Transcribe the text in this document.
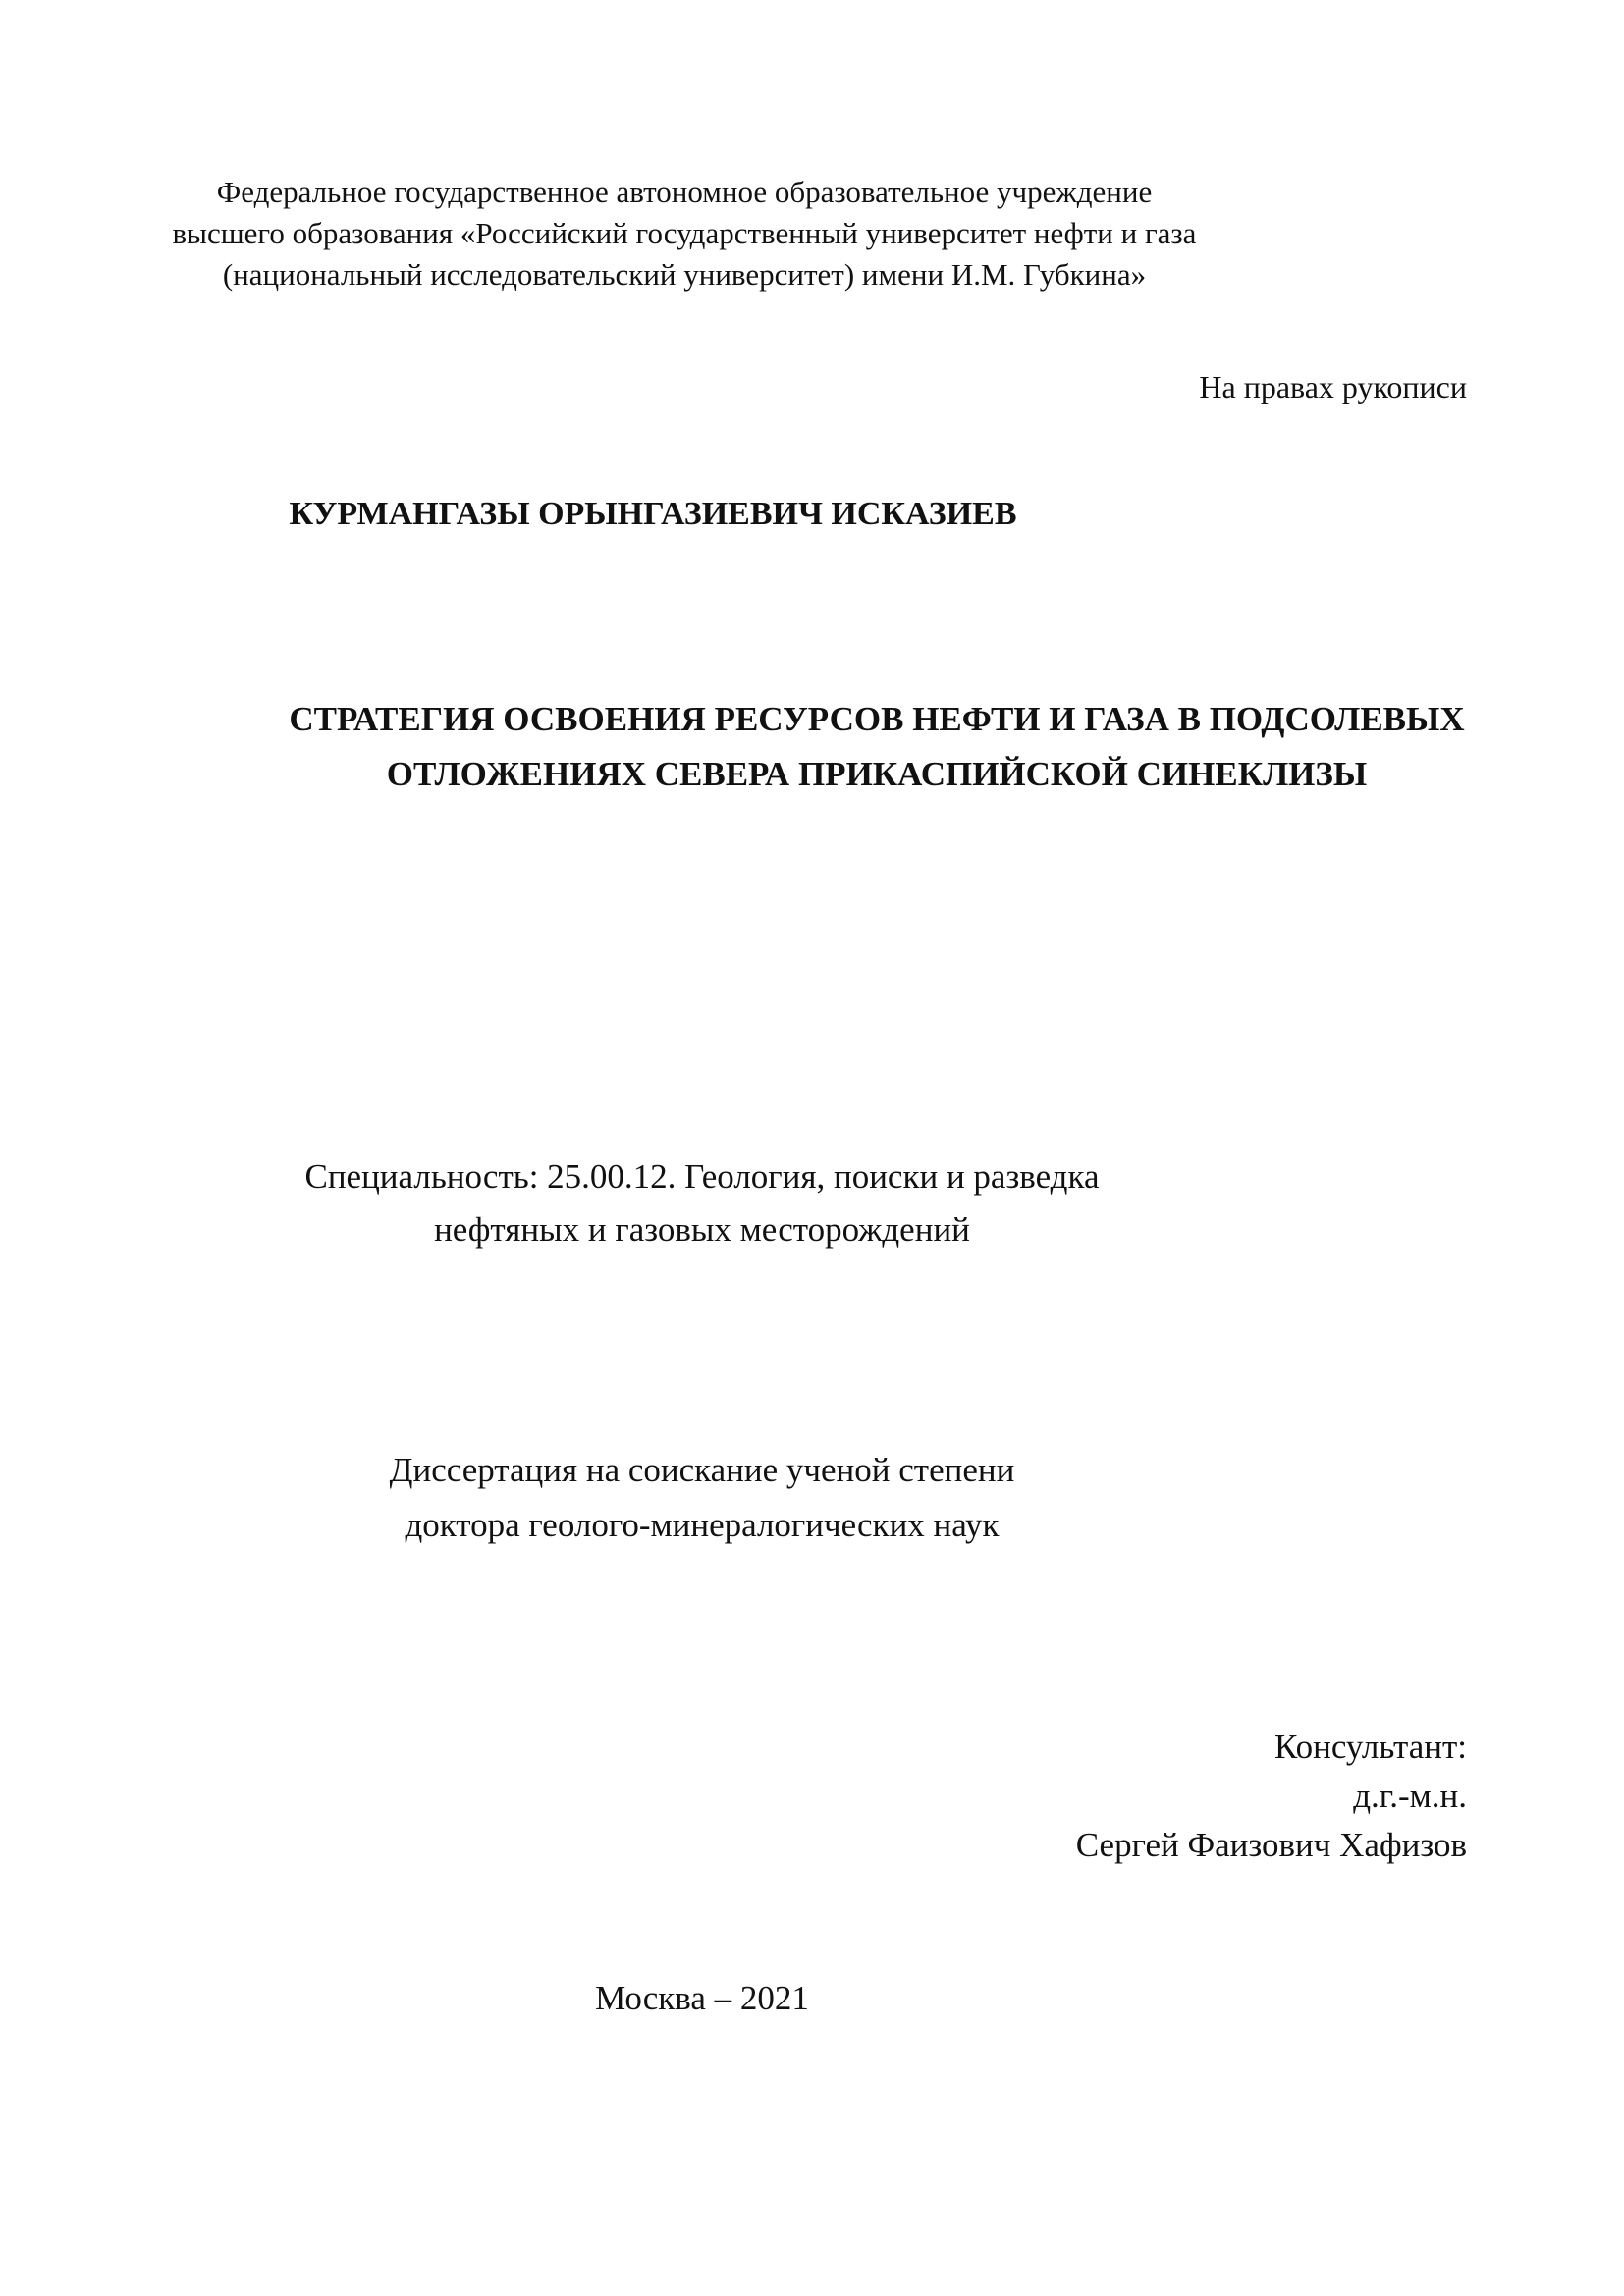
Федеральное государственное автономное образовательное учреждение
высшего образования «Российский государственный университет нефти и газа
(национальный исследовательский университет) имени И.М. Губкина»
На правах рукописи
КУРМАНГАЗЫ ОРЫНГАЗИЕВИЧ ИСКАЗИЕВ
СТРАТЕГИЯ ОСВОЕНИЯ РЕСУРСОВ НЕФТИ И ГАЗА В ПОДСОЛЕВЫХ
ОТЛОЖЕНИЯХ СЕВЕРА ПРИКАСПИЙСКОЙ СИНЕКЛИЗЫ
Специальность: 25.00.12. Геология, поиски и разведка
нефтяных и газовых месторождений
Диссертация на соискание ученой степени
доктора геолого-минералогических наук
Консультант:
д.г.-м.н.
Сергей Фаизович Хафизов
Москва – 2021
